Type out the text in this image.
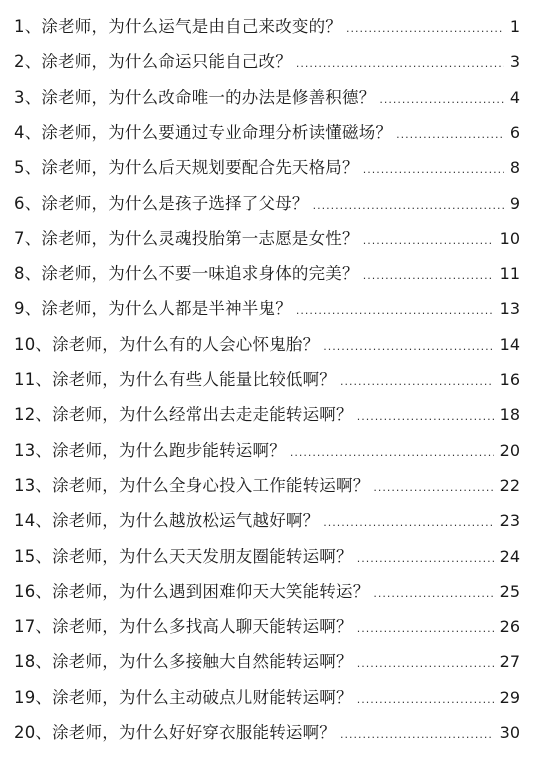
1、涂老师，为什么运气是由自己来改变的？ .....	1
2、涂老师，为什么命运只能自己改？ .....	3
3、涂老师，为什么改命唯一的办法是修善积德？ .....	4
4、涂老师，为什么要通过专业命理分析读懂磁场？ .....	6
5、涂老师，为什么后天规划要配合先天格局？ .....	8
6、涂老师，为什么是孩子选择了父母？ .....	9
7、涂老师，为什么灵魂投胎第一志愿是女性？ .....	10
8、涂老师，为什么不要一味追求身体的完美？ .....	11
9、涂老师，为什么人都是半神半鬼？ .....	13
10、涂老师，为什么有的人会心怀鬼胎？ .....	14
11、涂老师，为什么有些人能量比较低啊？ .....	16
12、涂老师，为什么经常出去走走能转运啊？ .....	18
13、涂老师，为什么跑步能转运啊？ .....	20
13、涂老师，为什么全身心投入工作能转运啊？ .....	22
14、涂老师，为什么越放松运气越好啊？ .....	23
15、涂老师，为什么天天发朋友圈能转运啊？ .....	24
16、涂老师，为什么遇到困难仰天大笑能转运？ .....	25
17、涂老师，为什么多找高人聊天能转运啊？ .....	26
18、涂老师，为什么多接触大自然能转运啊？ .....	27
19、涂老师，为什么主动破点儿财能转运啊？ .....	29
20、涂老师，为什么好好穿衣服能转运啊？ .....	30
